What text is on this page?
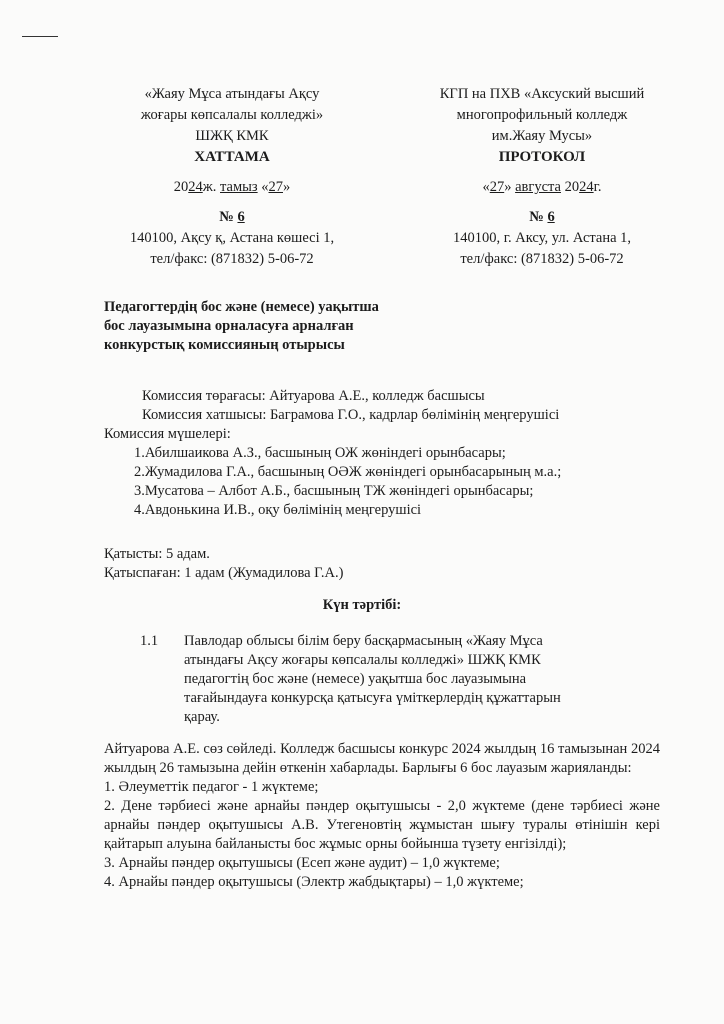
«Жаяу Мұса атындағы Ақсу
жоғары көпсалалы колледжі»
ШЖҚ КМК
ХАТТАМА
2024ж. тамыз «27»
№ 6
140100, Ақсу қ, Астана көшесі 1,
тел/факс: (871832) 5-06-72
КГП на ПХВ «Аксуский высший
многопрофильный колледж
им.Жаяу Мусы»
ПРОТОКОЛ
«27» августа 2024г.
№ 6
140100, г. Аксу, ул. Астана 1,
тел/факс: (871832) 5-06-72
Педагогтердің бос және (немесе) уақытша
бос лауазымына орналасуға арналған
конкурстық комиссияның отырысы
Комиссия төрағасы: Айтуарова А.Е., колледж басшысы
Комиссия хатшысы: Баграмова Г.О., кадрлар бөлімінің меңгерушісі
Комиссия мүшелері:
1.Абилшаикова А.З., басшының ОЖ жөніндегі орынбасары;
2.Жумадилова Г.А., басшының ОӘЖ жөніндегі орынбасарының м.а.;
3.Мусатова – Албот А.Б., басшының ТЖ жөніндегі орынбасары;
4.Авдонькина И.В., оқу бөлімінің меңгерушісі
Қатысты: 5 адам.
Қатыспаған: 1 адам (Жумадилова Г.А.)
Күн тәртібі:
1.1 Павлодар облысы білім беру басқармасының «Жаяу Мұса
атындағы Ақсу жоғары көпсалалы колледжі» ШЖҚ КМК
педагогтің бос және (немесе) уақытша бос лауазымына
тағайындауға конкурсқа қатысуға үміткерлердің құжаттарын
қарау.

Айтуарова А.Е. сөз сөйледі. Колледж басшысы конкурс 2024 жылдың 16 тамызынан 2024 жылдың 26 тамызына дейін өткенін хабарлады. Барлығы 6 бос лауазым жарияланды:

1. Әлеуметтік педагог - 1 жүктеме;

2. Дене тәрбиесі және арнайы пәндер оқытушысы - 2,0 жүктеме (дене тәрбиесі және арнайы пәндер оқытушысы А.В. Утегеновтің жұмыстан шығу туралы өтінішін кері қайтарып алуына байланысты бос жұмыс орны бойынша түзету енгізілді);

3. Арнайы пәндер оқытушысы (Есеп және аудит) – 1,0 жүктеме;

4. Арнайы пәндер оқытушысы (Электр жабдықтары) – 1,0 жүктеме;
